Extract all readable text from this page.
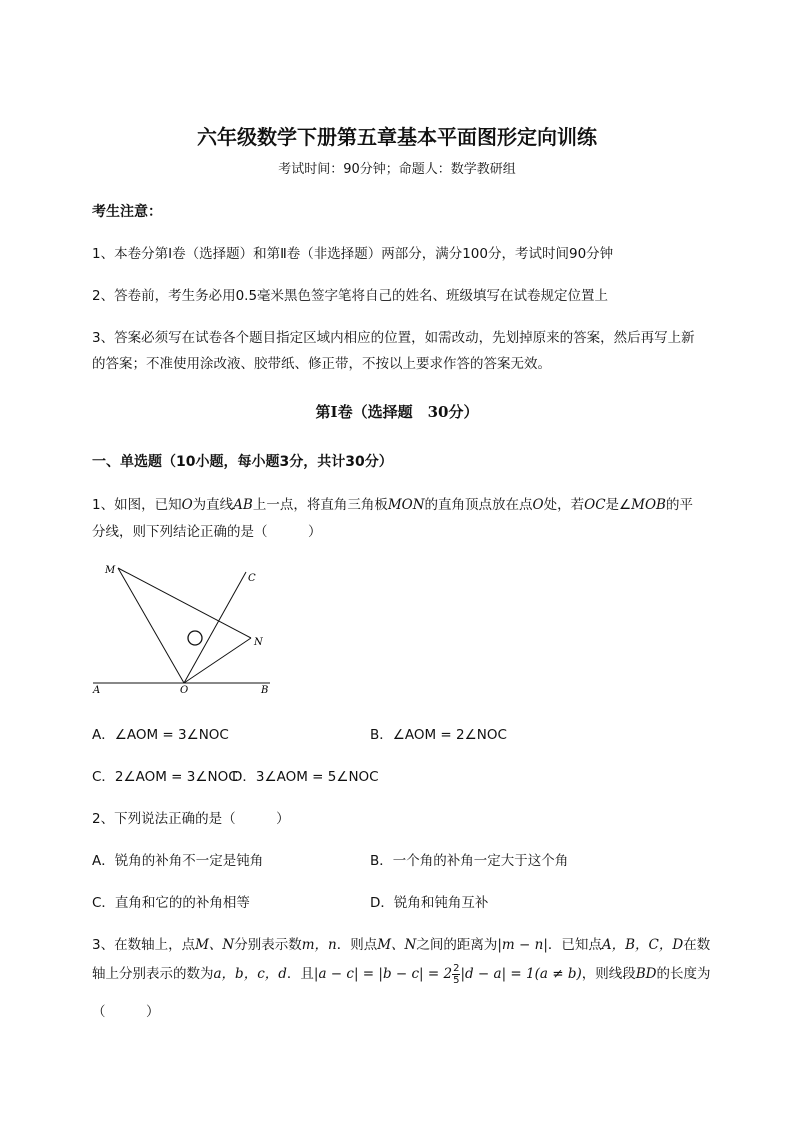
六年级数学下册第五章基本平面图形定向训练
考试时间：90分钟；命题人：数学教研组
考生注意：
1、本卷分第Ⅰ卷（选择题）和第Ⅱ卷（非选择题）两部分，满分100分，考试时间90分钟
2、答卷前，考生务必用0.5毫米黑色签字笔将自己的姓名、班级填写在试卷规定位置上
3、答案必须写在试卷各个题目指定区域内相应的位置，如需改动，先划掉原来的答案，然后再写上新
的答案；不准使用涂改液、胶带纸、修正带，不按以上要求作答的答案无效。
第Ⅰ卷（选择题　30分）
一、单选题（10小题，每小题3分，共计30分）
1、如图，已知O为直线AB上一点，将直角三角板MON的直角顶点放在点O处，若OC是∠MOB的平
分线，则下列结论正确的是（　　　）
M
C
N
A	O	B
A．∠AOM = 3∠NOC	B．∠AOM = 2∠NOC
C．2∠AOM = 3∠NOC
D．3∠AOM = 5∠NOC
2、下列说法正确的是（　　　）
A．锐角的补角不一定是钝角	B．一个角的补角一定大于这个角
C．直角和它的的补角相等	D．锐角和钝角互补
3、在数轴上，点M、N分别表示数m，n．则点M、N之间的距离为|m − n|．已知点A，B，C，D在数
轴上分别表示的数为a，b，c，d．且$|a - c| = |b - c| = 2 \frac{2}{5} |d - a| = 1(a \ne b)$，则线段BD的长度为
（　　　）
